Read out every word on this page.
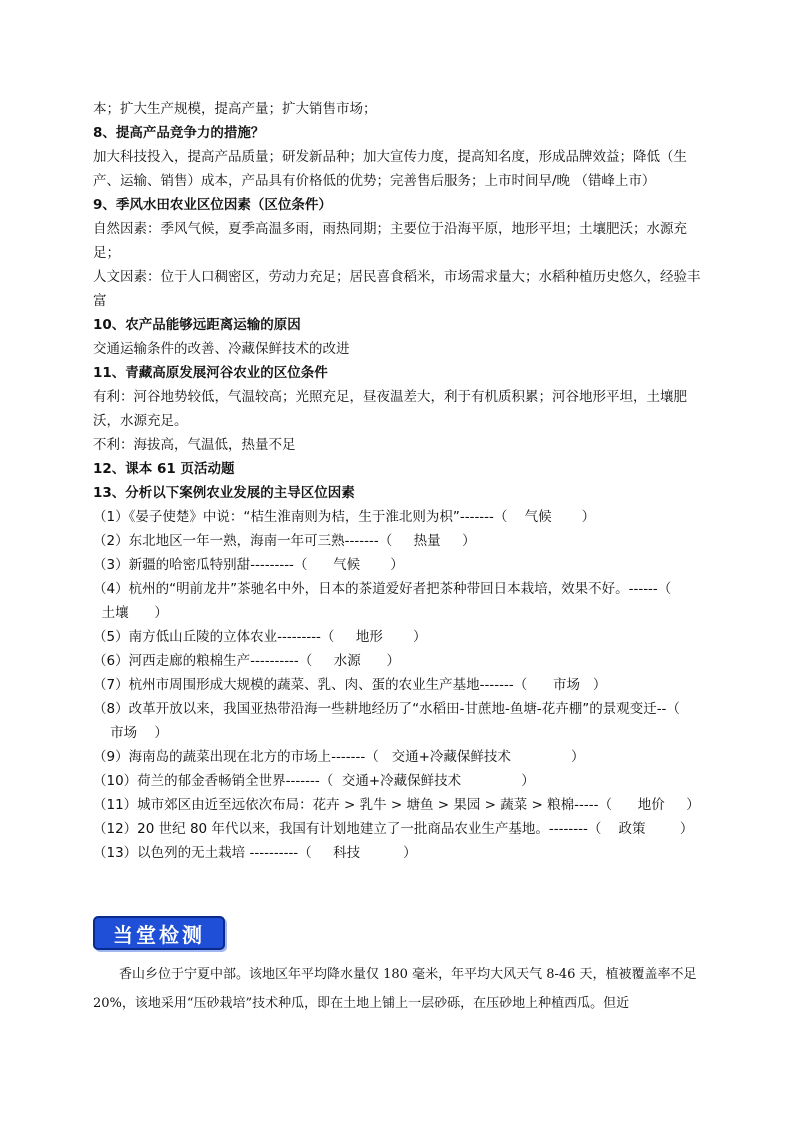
本；扩大生产规模，提高产量；扩大销售市场；
8、提高产品竞争力的措施？
加大科技投入，提高产品质量；研发新品种；加大宣传力度，提高知名度，形成品牌效益；降低（生产、运输、销售）成本，产品具有价格低的优势；完善售后服务；上市时间早/晚 （错峰上市）
9、季风水田农业区位因素（区位条件）
自然因素：季风气候，夏季高温多雨，雨热同期；主要位于沿海平原，地形平坦；土壤肥沃；水源充足；
人文因素：位于人口稠密区，劳动力充足；居民喜食稻米，市场需求量大；水稻种植历史悠久，经验丰富
10、农产品能够远距离运输的原因
交通运输条件的改善、冷藏保鲜技术的改进
11、青藏高原发展河谷农业的区位条件
有利：河谷地势较低，气温较高；光照充足，昼夜温差大，利于有机质积累；河谷地形平坦，土壤肥沃，水源充足。
不利：海拔高，气温低，热量不足
12、课本 61 页活动题
13、分析以下案例农业发展的主导区位因素
（1）《晏子使楚》中说：“桔生淮南则为桔，生于淮北则为枳”-------（    气候       ）
（2）东北地区一年一熟，海南一年可三熟-------（     热量     ）
（3）新疆的哈密瓜特别甜---------（      气候       ）
（4）杭州的“明前龙井”茶驰名中外，日本的茶道爱好者把茶种带回日本栽培，效果不好。------（  土壤      ）
（5）南方低山丘陵的立体农业---------（     地形       ）
（6）河西走廊的粮棉生产----------（     水源      ）
（7）杭州市周围形成大规模的蔬菜、乳、肉、蛋的农业生产基地-------（      市场   ）
（8）改革开放以来，我国亚热带沿海一些耕地经历了“水稻田-甘蔗地-鱼塘-花卉棚”的景观变迁--（    市场    ）
（9）海南岛的蔬菜出现在北方的市场上-------（   交通+冷藏保鲜技术              ）
（10）荷兰的郁金香畅销全世界-------（  交通+冷藏保鲜技术              ）
（11）城市郊区由近至远依次布局：花卉 > 乳牛 > 塘鱼 > 果园 > 蔬菜 > 粮棉-----（      地价     ）
（12）20 世纪 80 年代以来，我国有计划地建立了一批商品农业生产基地。--------（    政策        ）
（13）以色列的无土栽培 ----------（     科技          ）
当堂检测
香山乡位于宁夏中部。该地区年平均降水量仅 180 毫米，年平均大风天气 8-46 天，植被覆盖率不足 20%，该地采用“压砂栽培”技术种瓜，即在土地上铺上一层砂砾，在压砂地上种植西瓜。但近
